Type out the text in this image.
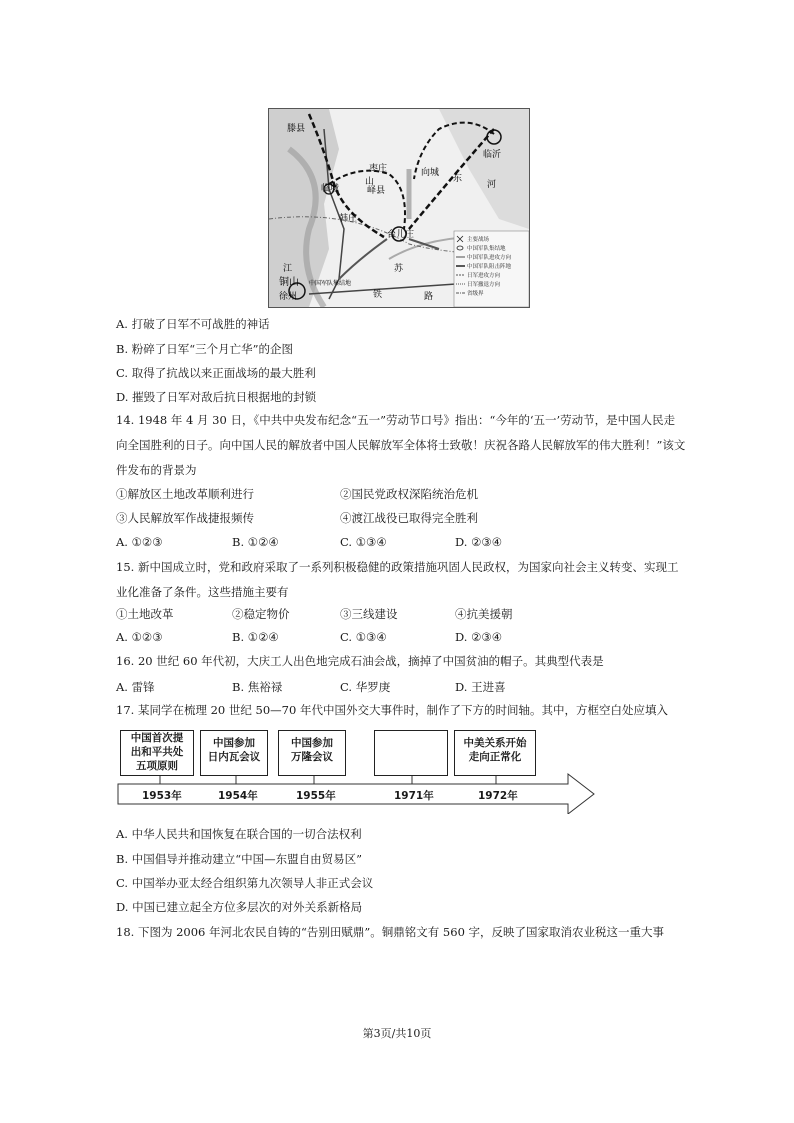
滕县
临沂
枣庄
峄县
向城
韩庄
台儿庄
临城
铜山
徐州
山	东
江	苏
铁	路
河
中国军队集结地
主要战场
中国军队集结地
中国军队进攻方向
中国军队阻击阵地
日军进攻方向
日军撤退方向
省级界
A. 打破了日军不可战胜的神话
B. 粉碎了日军“三个月亡华”的企图
C. 取得了抗战以来正面战场的最大胜利
D. 摧毁了日军对敌后抗日根据地的封锁
14. 1948 年 4 月 30 日，《中共中央发布纪念“五一”劳动节口号》指出：“今年的‘五一’劳动节，是中国人民走向全国胜利的日子。向中国人民的解放者中国人民解放军全体将士致敬！庆祝各路人民解放军的伟大胜利！”该文件发布的背景为
①解放区土地改革顺利进行	②国民党政权深陷统治危机
③人民解放军作战捷报频传	④渡江战役已取得完全胜利
A. ①②③	B. ①②④	C. ①③④	D. ②③④
15. 新中国成立时，党和政府采取了一系列积极稳健的政策措施巩固人民政权，为国家向社会主义转变、实现工业化准备了条件。这些措施主要有
①土地改革	②稳定物价	③三线建设	④抗美援朝
A. ①②③	B. ①②④	C. ①③④	D. ②③④
16. 20 世纪 60 年代初，大庆工人出色地完成石油会战，摘掉了中国贫油的帽子。其典型代表是
A. 雷锋	B. 焦裕禄	C. 华罗庚	D. 王进喜
17. 某同学在梳理 20 世纪 50—70 年代中国外交大事件时，制作了下方的时间轴。其中，方框空白处应填入
中国首次提
出和平共处
五项原则
中国参加
日内瓦会议
中国参加
万隆会议
中美关系开始
走向正常化
1953年	1954年	1955年	1971年	1972年
A. 中华人民共和国恢复在联合国的一切合法权利
B. 中国倡导并推动建立“中国—东盟自由贸易区”
C. 中国举办亚太经合组织第九次领导人非正式会议
D. 中国已建立起全方位多层次的对外关系新格局
18. 下图为 2006 年河北农民自铸的“告别田赋鼎”。铜鼎铭文有 560 字，反映了国家取消农业税这一重大事
第3页/共10页
